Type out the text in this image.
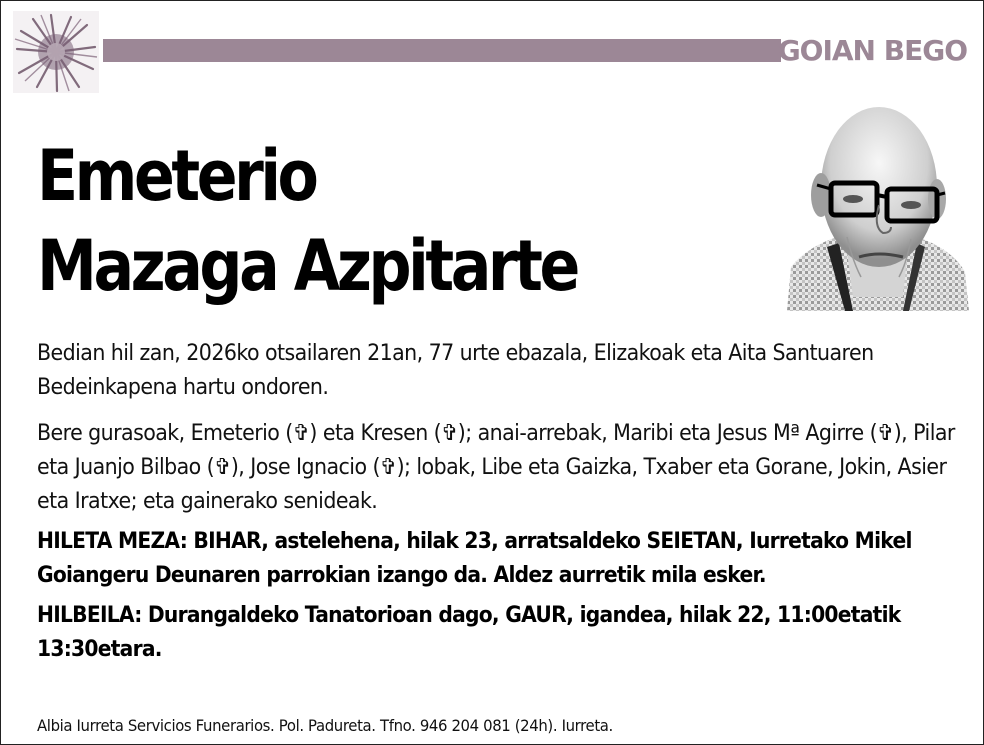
GOIAN BEGO
Emeterio
Mazaga Azpitarte

Bedian hil zan, 2026ko otsailaren 21an, 77 urte ebazala, Elizakoak eta Aita Santuaren Bedeinkapena hartu ondoren.

Bere gurasoak, Emeterio (✞) eta Kresen (✞); anai-arrebak, Maribi eta Jesus Mª Agirre (✞), Pilar eta Juanjo Bilbao (✞), Jose Ignacio (✞); lobak, Libe eta Gaizka, Txaber eta Gorane, Jokin, Asier eta Iratxe; eta gainerako senideak.

HILETA MEZA: BIHAR, astelehena, hilak 23, arratsaldeko SEIETAN, Iurretako Mikel Goiangeru Deunaren parrokian izango da. Aldez aurretik mila esker.

HILBEILA: Durangaldeko Tanatorioan dago, GAUR, igandea, hilak 22, 11:00etatik 13:30etara.

Albia Iurreta Servicios Funerarios. Pol. Padureta. Tfno. 946 204 081 (24h). Iurreta.
